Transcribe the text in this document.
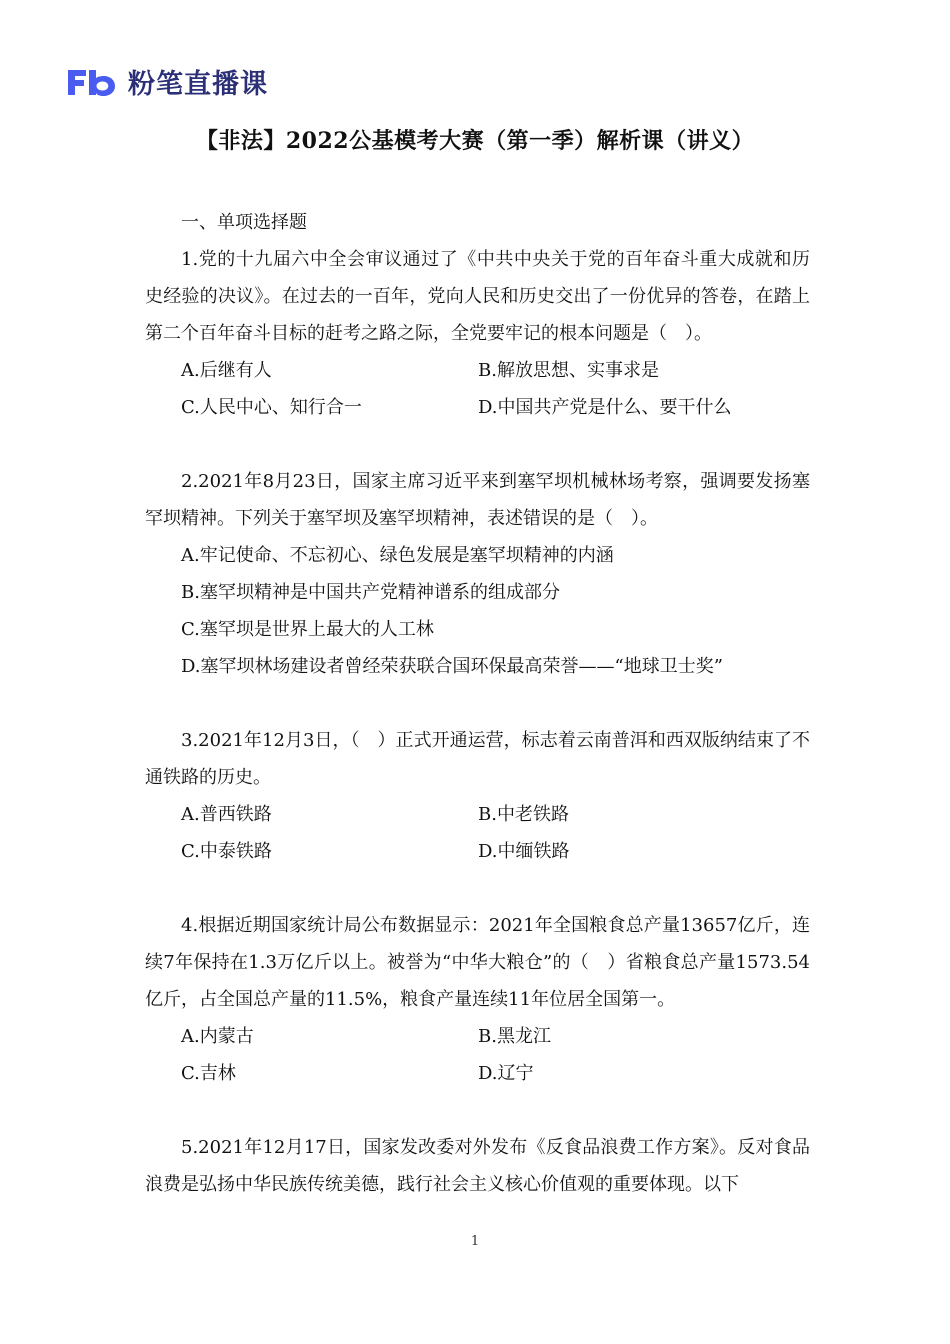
粉笔直播课
【非法】2022公基模考大赛（第一季）解析课（讲义）
一、单项选择题

1.党的十九届六中全会审议通过了《中共中央关于党的百年奋斗重大成就和历史经验的决议》。在过去的一百年，党向人民和历史交出了一份优异的答卷，在踏上第二个百年奋斗目标的赶考之路之际，全党要牢记的根本问题是（　）。

A.后继有人	B.解放思想、实事求是
C.人民中心、知行合一	D.中国共产党是什么、要干什么

2.2021年8月23日，国家主席习近平来到塞罕坝机械林场考察，强调要发扬塞罕坝精神。下列关于塞罕坝及塞罕坝精神，表述错误的是（　）。

A.牢记使命、不忘初心、绿色发展是塞罕坝精神的内涵
B.塞罕坝精神是中国共产党精神谱系的组成部分
C.塞罕坝是世界上最大的人工林
D.塞罕坝林场建设者曾经荣获联合国环保最高荣誉——“地球卫士奖”

3.2021年12月3日，（　）正式开通运营，标志着云南普洱和西双版纳结束了不通铁路的历史。

A.普西铁路	B.中老铁路
C.中泰铁路	D.中缅铁路

4.根据近期国家统计局公布数据显示：2021年全国粮食总产量13657亿斤，连续7年保持在1.3万亿斤以上。被誉为“中华大粮仓”的（　）省粮食总产量1573.54亿斤，占全国总产量的11.5%，粮食产量连续11年位居全国第一。

A.内蒙古	B.黑龙江
C.吉林	D.辽宁

5.2021年12月17日，国家发改委对外发布《反食品浪费工作方案》。反对食品浪费是弘扬中华民族传统美德，践行社会主义核心价值观的重要体现。以下

1
